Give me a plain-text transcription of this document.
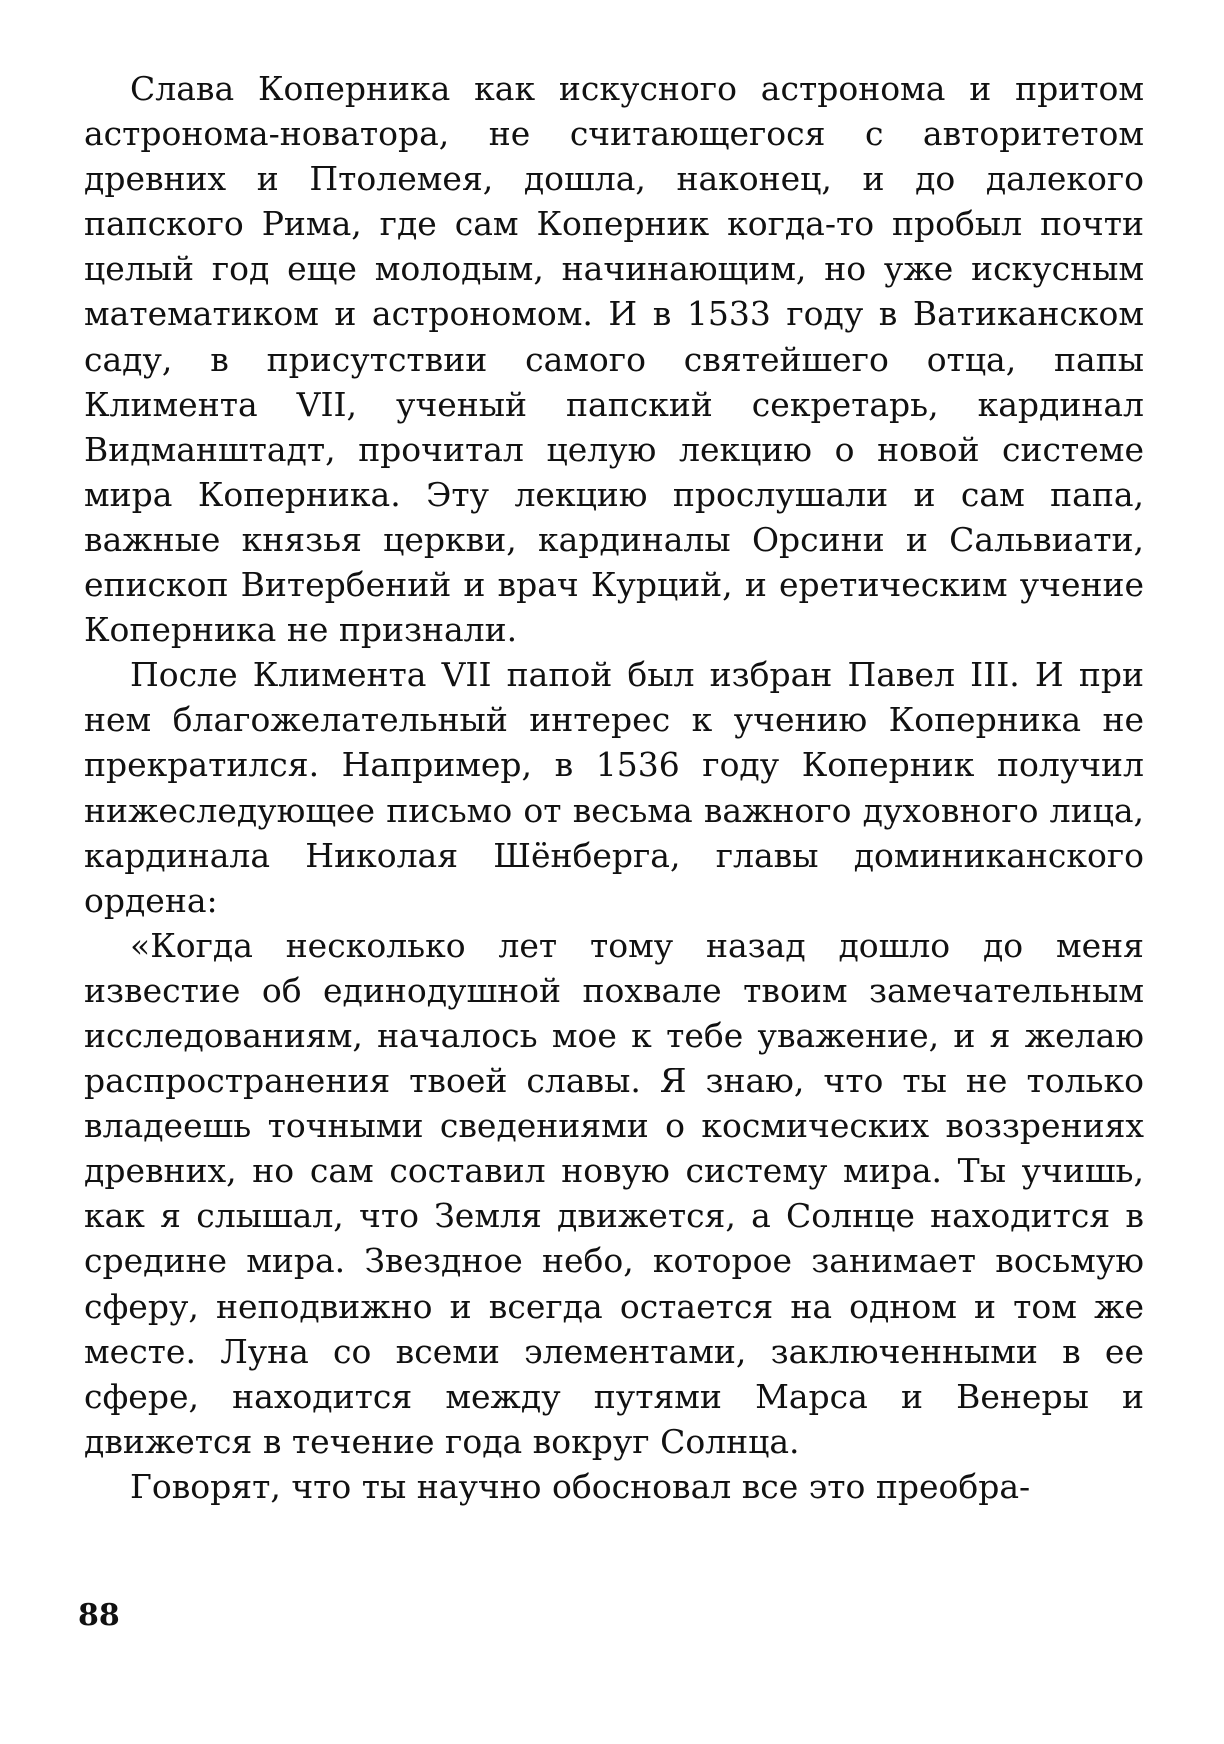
Слава Коперника как искусного астронома и притом астронома-новатора, не считающегося с авторитетом древних и Птолемея, дошла, наконец, и до далекого папского Рима, где сам Коперник когда-то пробыл почти целый год еще молодым, начинающим, но уже искусным математиком и астрономом. И в 1533 году в Ватиканском саду, в присутствии самого святейшего отца, папы Климента VII, ученый папский секретарь, кардинал Видманштадт, прочитал целую лекцию о новой системе мира Коперника. Эту лекцию прослушали и сам папа, важные князья церкви, кардиналы Орсини и Сальвиати, епископ Витербений и врач Курций, и еретическим учение Коперника не признали.

После Климента VII папой был избран Павел III. И при нем благожелательный интерес к учению Коперника не прекратился. Например, в 1536 году Коперник получил нижеследующее письмо от весьма важного духовного лица, кардинала Николая Шёнберга, главы доминиканского ордена:

«Когда несколько лет тому назад дошло до меня известие об единодушной похвале твоим замечательным исследованиям, началось мое к тебе уважение, и я желаю распространения твоей славы. Я знаю, что ты не только владеешь точными сведениями о космических воззрениях древних, но сам составил новую систему мира. Ты учишь, как я слышал, что Земля движется, а Солнце находится в средине мира. Звездное небо, которое занимает восьмую сферу, неподвижно и всегда остается на одном и том же месте. Луна со всеми элементами, заключенными в ее сфере, находится между путями Марса и Венеры и движется в течение года вокруг Солнца.

Говорят, что ты научно обосновал все это преобра-

88
